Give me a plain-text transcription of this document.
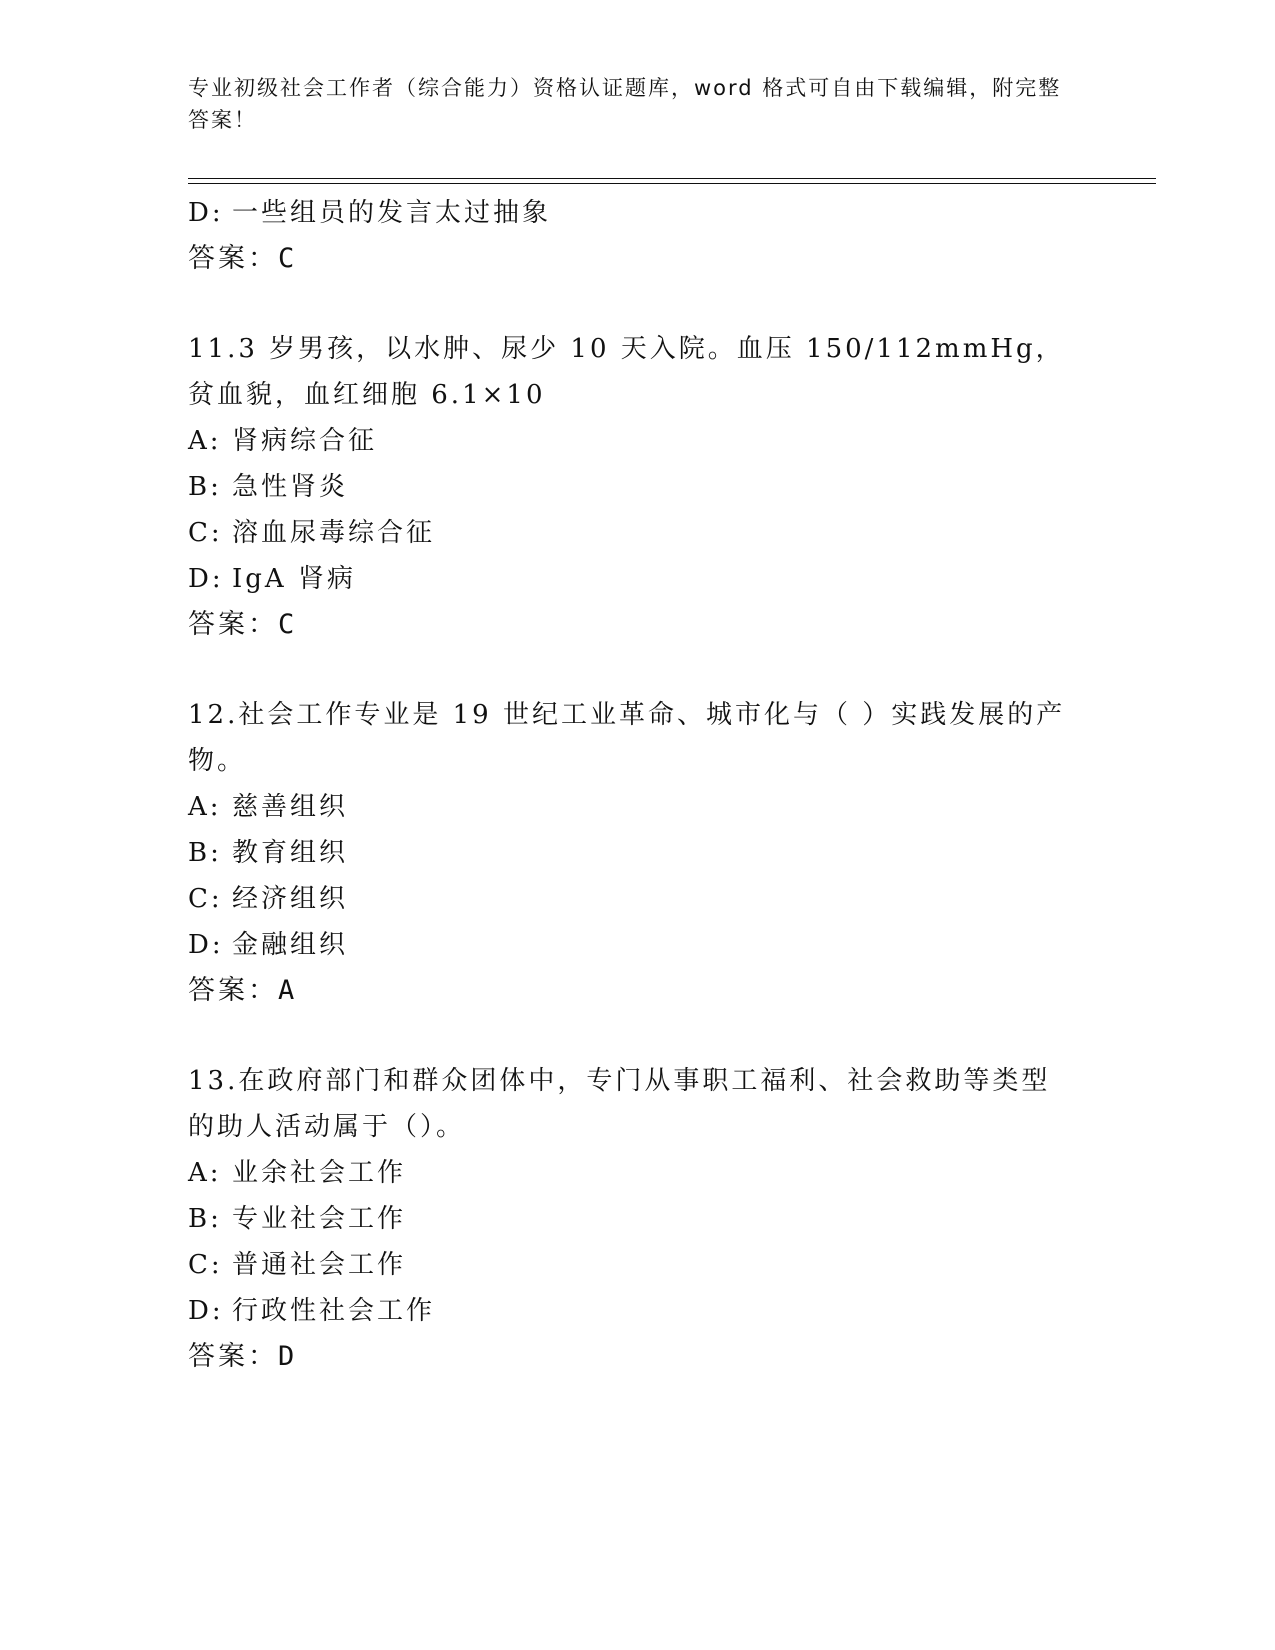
专业初级社会工作者（综合能力）资格认证题库，word 格式可自由下载编辑，附完整答案！
D: 一些组员的发言太过抽象
答案：C
11.3 岁男孩，以水肿、尿少 10 天入院。血压 150/112mmHg，贫血貌，血红细胞 6.1×10
A: 肾病综合征
B: 急性肾炎
C: 溶血尿毒综合征
D: IgA 肾病
答案：C
12.社会工作专业是 19 世纪工业革命、城市化与（ ）实践发展的产物。
A: 慈善组织
B: 教育组织
C: 经济组织
D: 金融组织
答案：A
13.在政府部门和群众团体中，专门从事职工福利、社会救助等类型的助人活动属于（）。
A: 业余社会工作
B: 专业社会工作
C: 普通社会工作
D: 行政性社会工作
答案：D
